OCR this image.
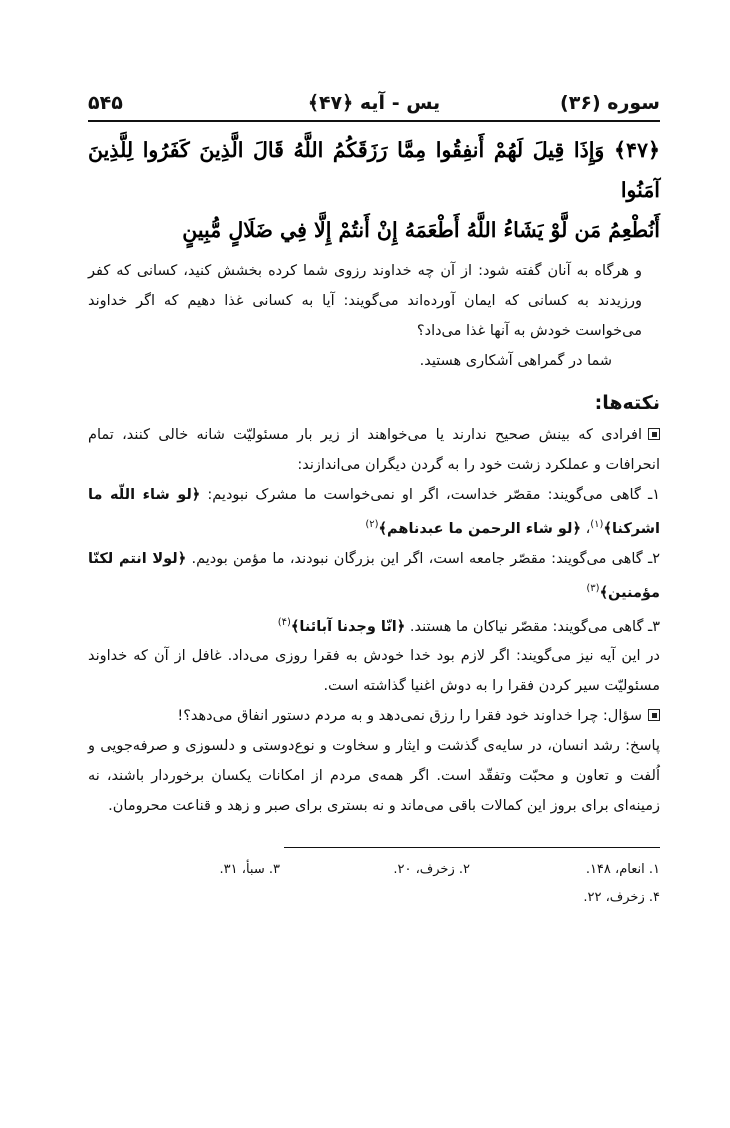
سوره (۳۶)
یس - آیه ﴿۴۷﴾
۵۴۵
﴿۴۷﴾ وَإِذَا قِيلَ لَهُمْ أَنفِقُوا مِمَّا رَزَقَكُمُ اللَّهُ قَالَ الَّذِينَ كَفَرُوا لِلَّذِينَ آمَنُوا
أَنُطْعِمُ مَن لَّوْ يَشَاءُ اللَّهُ أَطْعَمَهُ إِنْ أَنتُمْ إِلَّا فِي ضَلَالٍ مُّبِينٍ
و هرگاه به آنان گفته شود: از آن چه خداوند رزوی شما کرده بخشش کنید، کسانی که کفر ورزیدند به کسانی که ایمان آورده‌اند می‌گویند: آیا به کسانی غذا دهیم که اگر خداوند می‌خواست خودش به آنها غذا می‌داد؟
شما در گمراهی آشکاری هستید.
نکته‌ها:

افرادی که بینش صحیح ندارند یا می‌خواهند از زیر بار مسئولیّت شانه خالی کنند، تمام انحرافات و عملکرد زشت خود را به گردن دیگران می‌اندازند:

۱ـ گاهی می‌گویند: مقصّر خداست، اگر او نمی‌خواست ما مشرک نبودیم: ﴿لو شاء اللّه ما اشرکنا﴾$^{(۱)}$، ﴿لو شاء الرحمن ما عبدناهم﴾$^{(۲)}$

۲ـ گاهی می‌گویند: مقصّر جامعه است، اگر این بزرگان نبودند، ما مؤمن بودیم. ﴿لولا انتم لکنّا مؤمنین﴾$^{(۳)}$

۳ـ گاهی می‌گویند: مقصّر نیاکان ما هستند. ﴿انّا وجدنا آبائنا﴾$^{(۴)}$

در این آیه نیز می‌گویند: اگر لازم بود خدا خودش به فقرا روزی می‌داد. غافل از آن که خداوند مسئولیّت سیر کردن فقرا را به دوش اغنیا گذاشته است.

سؤال: چرا خداوند خود فقرا را رزق نمی‌دهد و به مردم دستور انفاق می‌دهد؟!

پاسخ: رشد انسان، در سایه‌ی گذشت و ایثار و سخاوت و نوع‌دوستی و دلسوزی و صرفه‌جویی و اُلفت و تعاون و محبّت وتفقّد است. اگر همه‌ی مردم از امکانات یکسان برخوردار باشند، نه زمینه‌ای برای بروز این کمالات باقی می‌ماند و نه بستری برای صبر و زهد و قناعت محرومان.

۱. انعام، ۱۴۸.
۲. زخرف، ۲۰.
۳. سبأ، ۳۱.
۴. زخرف، ۲۲.
